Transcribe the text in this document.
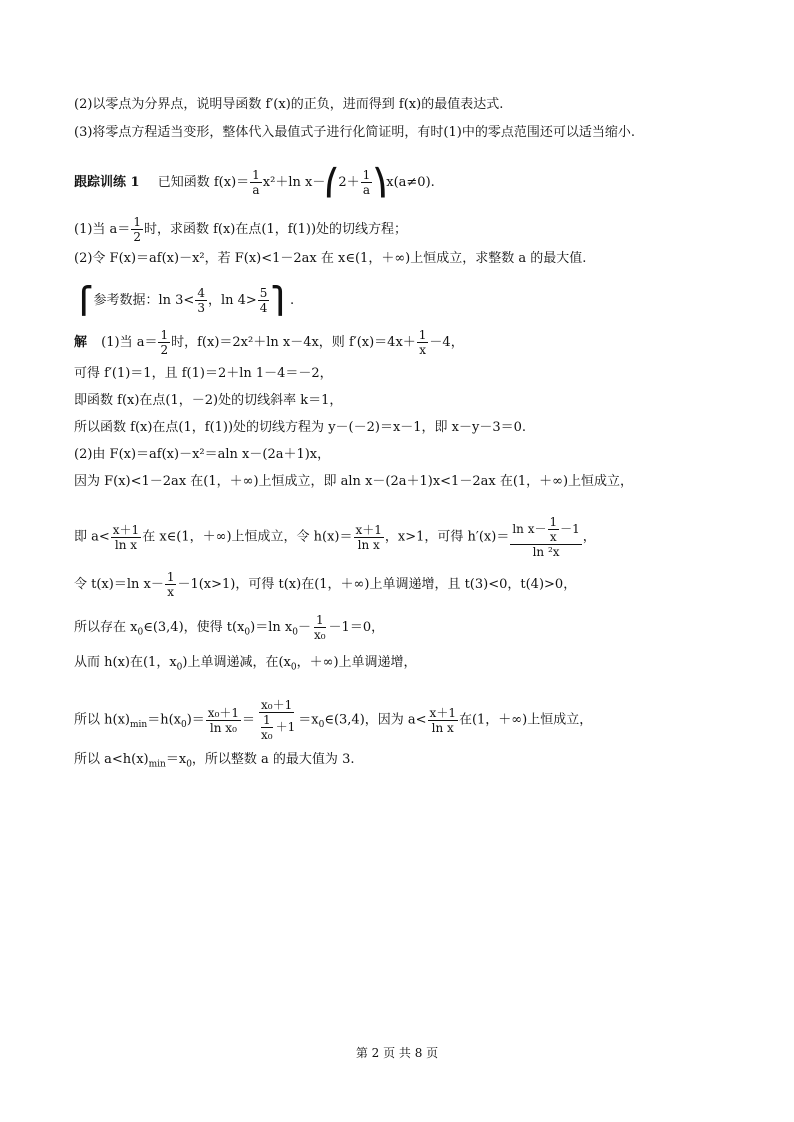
(2)以零点为分界点，说明导函数 f′(x)的正负，进而得到 f(x)的最值表达式.
(3)将零点方程适当变形，整体代入最值式子进行化简证明，有时(1)中的零点范围还可以适当缩小.
跟踪训练 1 已知函数 $f(x)= \frac{1}{a} x^2+\ln$ x－⎛2＋ $\frac{1}{a}$ ⎞x(a≠0).
(1)当 $a= \frac{1}{2}$ 时，求函数 f(x)在点(1，f(1))处的切线方程；
(2)令 F(x)＝af(x)－x²，若 F(x)<1－2ax 在 x∈(1，＋∞)上恒成立，求整数 a 的最大值.
⎧参考数据：$\ln 3< \frac{4}{3}$ ，$\ln 4> \frac{5}{4}$ ⎫.
解 (1)当 $a= \frac{1}{2}$ 时，f(x)＝2x²＋ln x－4x，则 $f'(x)=4x+ \frac{1}{x} -4$，
可得 f′(1)＝1，且 f(1)＝2＋ln 1－4＝－2，
即函数 f(x)在点(1，－2)处的切线斜率 k＝1，
所以函数 f(x)在点(1，f(1))处的切线方程为 y－(－2)＝x－1，即 x－y－3＝0.
(2)由 F(x)＝af(x)－x²＝aln x－(2a＋1)x，
因为 F(x)<1－2ax 在(1，＋∞)上恒成立，即 aln x－(2a＋1)x<1－2ax 在(1，＋∞)上恒成立，
即 $a< \frac{x+1}{\text{ln x}}$ 在 x∈(1，＋∞)上恒成立，令 $h(x)= \frac{x+1}{\text{ln x}}$ ，x>1，可得 $h'(x)= \frac{\ln x- \frac{1}{x} -1}{\text{ln ²x}}$ ，
令 t(x)＝ln $x- \frac{1}{x} -1(x>1)$，可得 t(x)在(1，＋∞)上单调递增，且 t(3)<0，t(4)>0，
所以存在 $x_0\in(3,4)$，使得 $t(x_0)=\ln$ $x_0- \frac{1}{\text{x₀}} -1=0$，
从而 h(x)在(1，$x_0$)上单调递减，在($x_0$，＋∞)上单调递增，
所以 $h(x)_{min}=h(x_0)= \frac{\text{x₀＋1}}{\text{ln x₀}} = \frac{\text{x₀＋1}}{\frac{1}{\text{x₀}} +1}$ $=x_0\in(3,4)$，因为 $a< \frac{x+1}{\text{ln x}}$ 在(1，＋∞)上恒成立，
所以 $a<h(x)_{min}=x_0$，所以整数 a 的最大值为 3.
第 2 页 共 8 页
